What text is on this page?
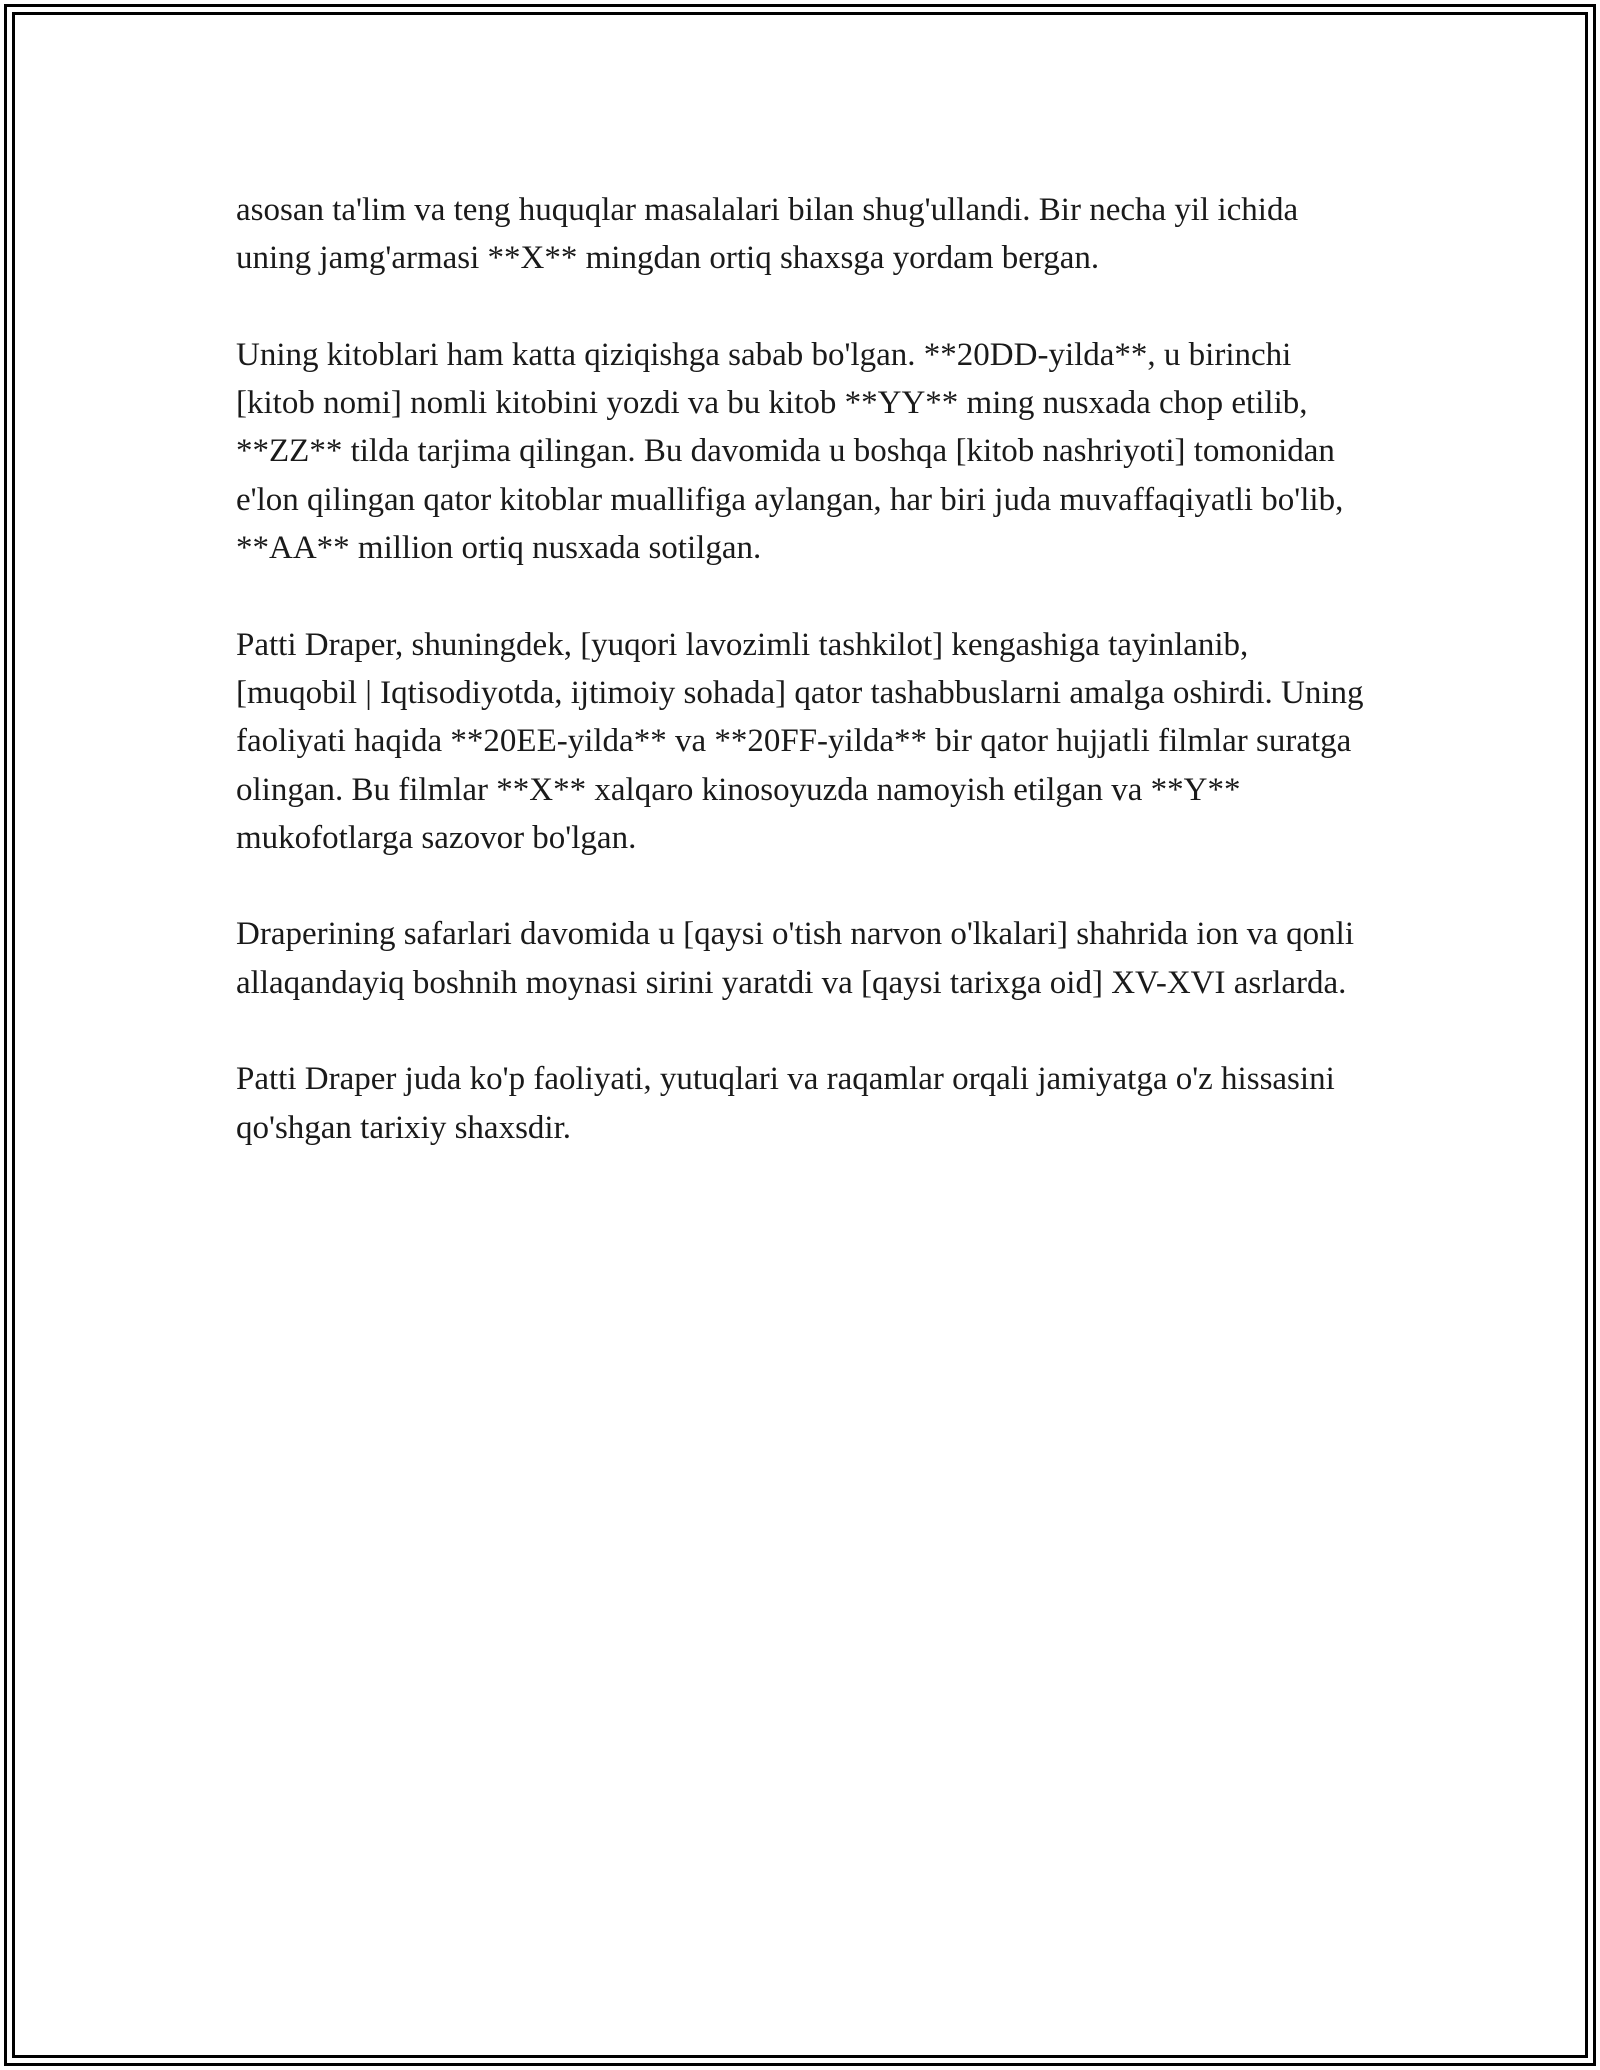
asosan ta'lim va teng huquqlar masalalari bilan shug'ullandi. Bir necha yil ichida uning jamg'armasi **X** mingdan ortiq shaxsga yordam bergan.

Uning kitoblari ham katta qiziqishga sabab bo'lgan. **20DD-yilda**, u birinchi [kitob nomi] nomli kitobini yozdi va bu kitob **YY** ming nusxada chop etilib, **ZZ** tilda tarjima qilingan. Bu davomida u boshqa [kitob nashriyoti] tomonidan e'lon qilingan qator kitoblar muallifiga aylangan, har biri juda muvaffaqiyatli bo'lib, **AA** million ortiq nusxada sotilgan.

Patti Draper, shuningdek, [yuqori lavozimli tashkilot] kengashiga tayinlanib, [muqobil | Iqtisodiyotda, ijtimoiy sohada] qator tashabbuslarni amalga oshirdi. Uning faoliyati haqida **20EE-yilda** va **20FF-yilda** bir qator hujjatli filmlar suratga olingan. Bu filmlar **X** xalqaro kinosoyuzda namoyish etilgan va **Y** mukofotlarga sazovor bo'lgan.

Draperining safarlari davomida u [qaysi o'tish narvon o'lkalari] shahrida ion va qonli allaqandayiq boshnih moynasi sirini yaratdi va [qaysi tarixga oid] XV-XVI asrlarda.

Patti Draper juda ko'p faoliyati, yutuqlari va raqamlar orqali jamiyatga o'z hissasini qo'shgan tarixiy shaxsdir.
